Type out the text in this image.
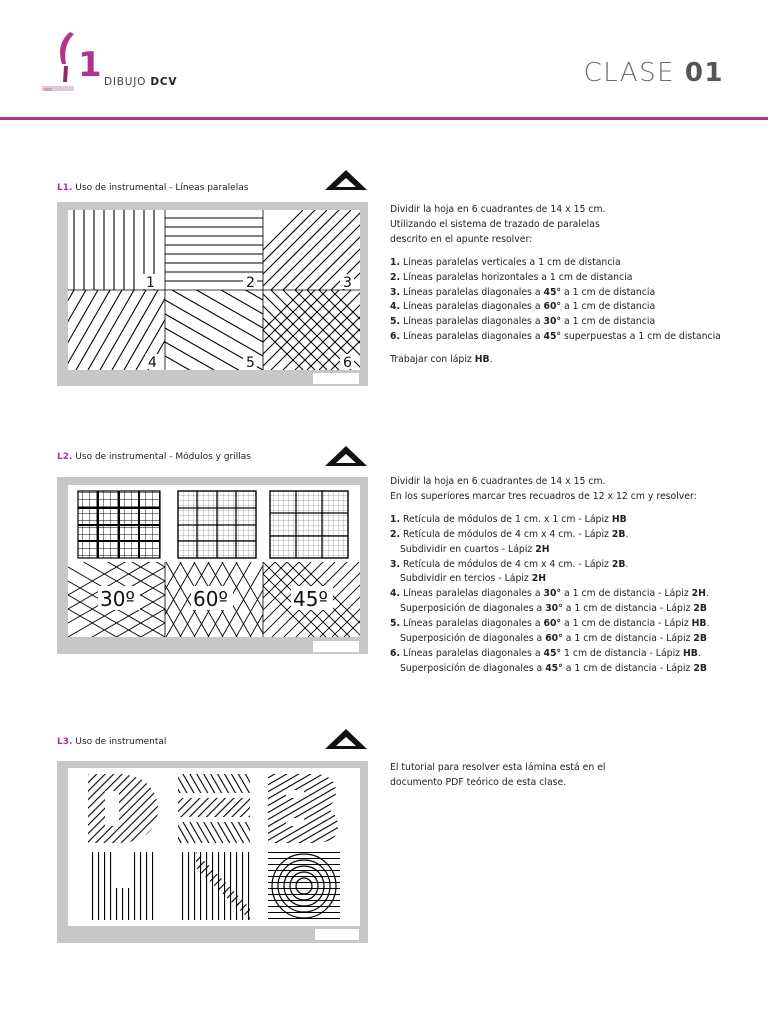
1 DIBUJO DCV	CLASE 01
L1. Uso de instrumental - Líneas paralelas
1	2	3
4	5	6

Dividir la hoja en 6 cuadrantes de 14 x 15 cm.

Utilizando el sistema de trazado de paralelas

descrito en el apunte resolver:

1. Líneas paralelas verticales a 1 cm de distancia
2. Líneas paralelas horizontales a 1 cm de distancia
3. Líneas paralelas diagonales a 45° a 1 cm de distancia
4. Líneas paralelas diagonales a 60° a 1 cm de distancia
5. Líneas paralelas diagonales a 30° a 1 cm de distancia
6. Líneas paralelas diagonales a 45° superpuestas a 1 cm de distancia

Trabajar con lápiz HB.

L2. Uso de instrumental - Módulos y grillas
30º	60º	45º

Dividir la hoja en 6 cuadrantes de 14 x 15 cm.

En los superiores marcar tres recuadros de 12 x 12 cm y resolver:

1. Retícula de módulos de 1 cm. x 1 cm - Lápiz HB
2. Retícula de módulos de 4 cm x 4 cm. - Lápiz 2B.
Subdividir en cuartos - Lápiz 2H
3. Retícula de módulos de 4 cm x 4 cm. - Lápiz 2B.
Subdividir en tercios - Lápiz 2H
4. Líneas paralelas diagonales a 30° a 1 cm de distancia - Lápiz 2H.
Superposición de diagonales a 30° a 1 cm de distancia - Lápiz 2B
5. Líneas paralelas diagonales a 60° a 1 cm de distancia - Lápiz HB.
Superposición de diagonales a 60° a 1 cm de distancia - Lápiz 2B
6. Líneas paralelas diagonales a 45° 1 cm de distancia - Lápiz HB.
Superposición de diagonales a 45° a 1 cm de distancia - Lápiz 2B
L3. Uso de instrumental

El tutorial para resolver esta lámina está en el

documento PDF teórico de esta clase.
